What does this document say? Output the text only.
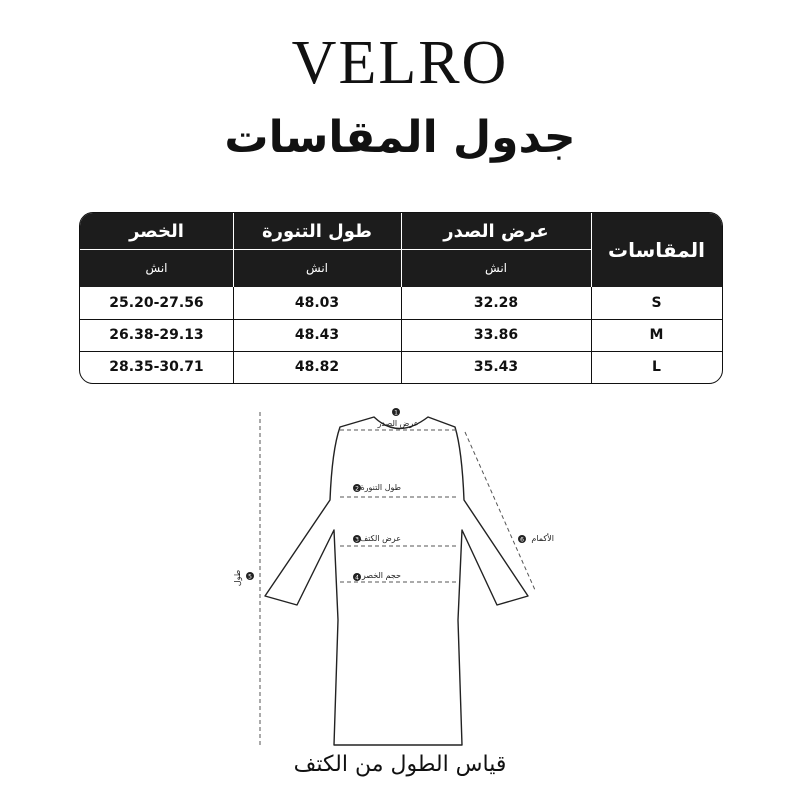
VELRO
جدول المقاسات
المقاسات
عرض الصدر
طول التنورة
الخصر
انش
انش
انش
S
32.28
48.03
25.20-27.56
M
33.86
48.43
26.38-29.13
L
35.43
48.82
28.35-30.71
1
عرض الصدر
2 طول التنورة
3 عرض الكتف
4 حجم الخصر
5
طول
6 الأكمام
قياس الطول من الكتف
